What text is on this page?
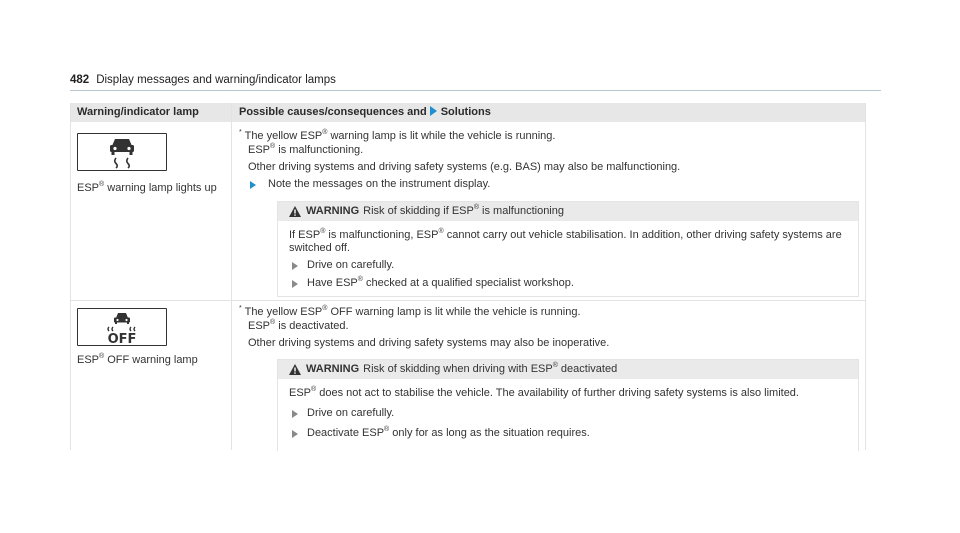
482 Display messages and warning/indicator lamps
Warning/indicator lamp	Possible causes/consequences and Solutions
ESP® warning lamp lights up
* The yellow ESP® warning lamp is lit while the vehicle is running.
ESP® is malfunctioning.
Other driving systems and driving safety systems (e.g. BAS) may also be malfunctioning.
Note the messages on the instrument display.
WARNING Risk of skidding if ESP® is malfunctioning
If ESP® is malfunctioning, ESP® cannot carry out vehicle stabilisation. In addition, other driving safety systems are
switched off.
Drive on carefully.
Have ESP® checked at a qualified specialist workshop.
OFF
ESP® OFF warning lamp
* The yellow ESP® OFF warning lamp is lit while the vehicle is running.
ESP® is deactivated.
Other driving systems and driving safety systems may also be inoperative.
WARNING Risk of skidding when driving with ESP® deactivated
ESP® does not act to stabilise the vehicle. The availability of further driving safety systems is also limited.
Drive on carefully.
Deactivate ESP® only for as long as the situation requires.
